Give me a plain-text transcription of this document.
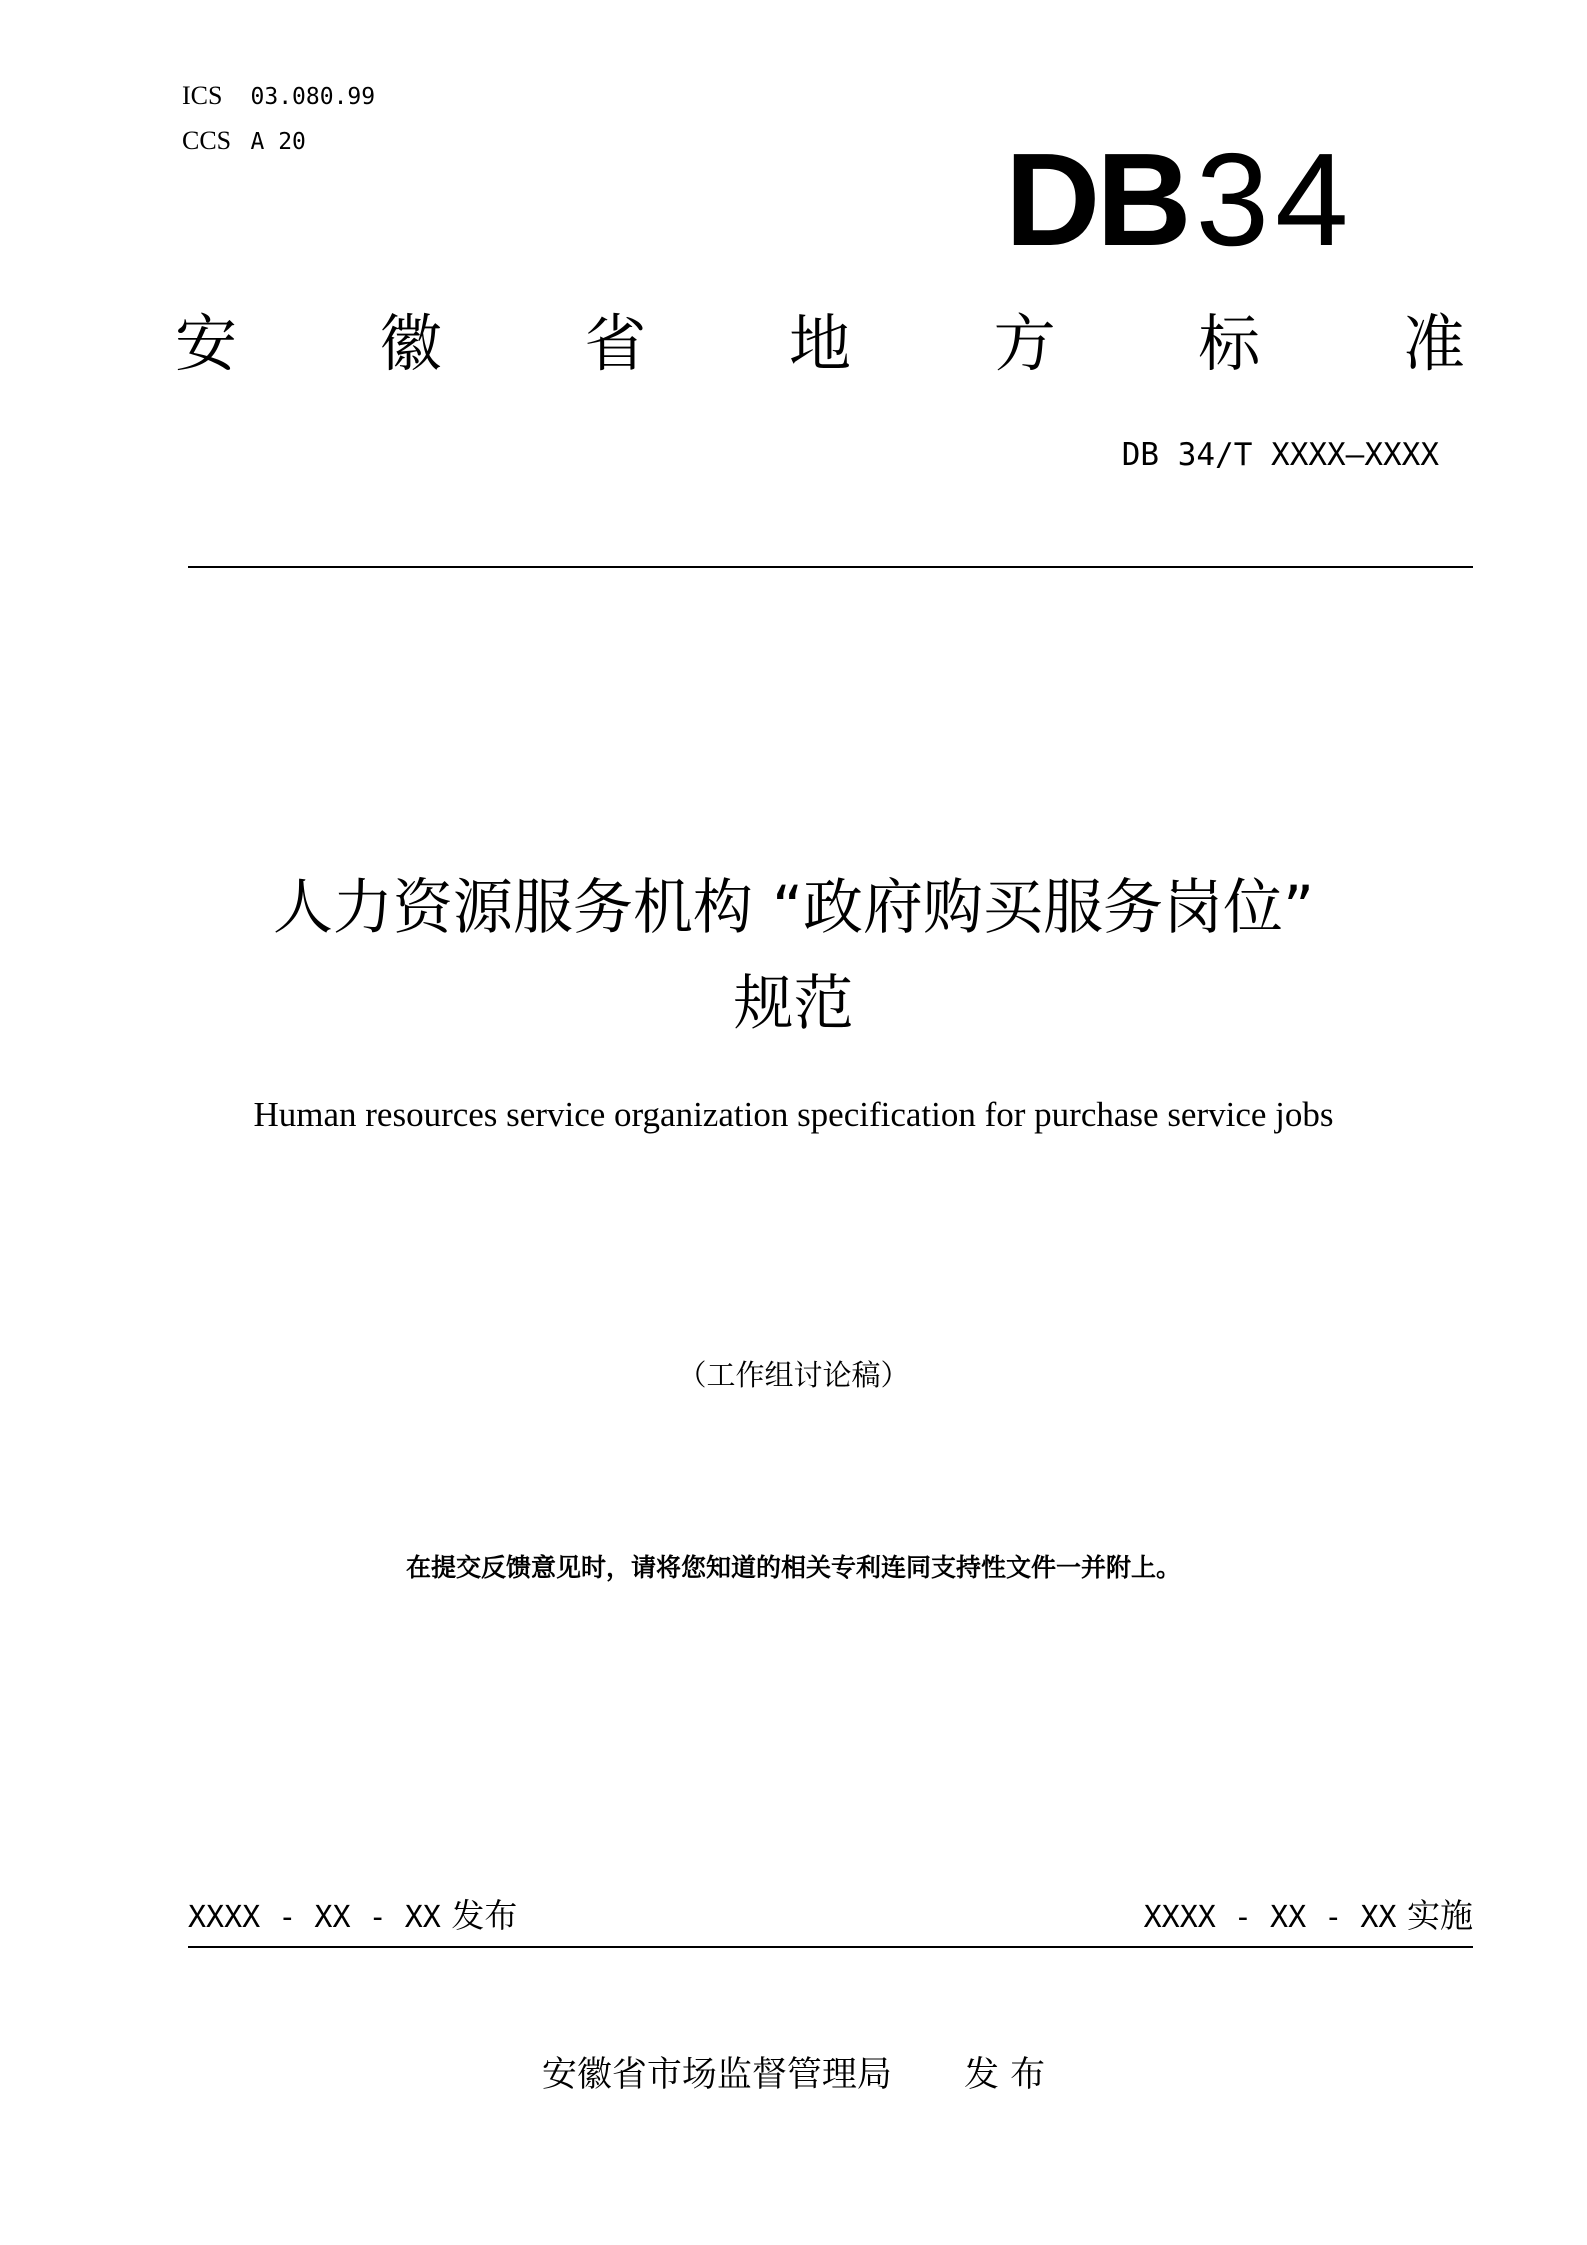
ICS 03.080.99
CCS A 20	DB34
安 徽 省 地 方 标 准
DB 34/T XXXX—XXXX
人力资源服务机构 “政府购买服务岗位”
规范
Human resources service organization specification for purchase service jobs
（工作组讨论稿）
在提交反馈意见时，请将您知道的相关专利连同支持性文件一并附上。
XXXX - XX - XX 发布	XXXX - XX - XX 实施
安徽省市场监督管理局 发 布
